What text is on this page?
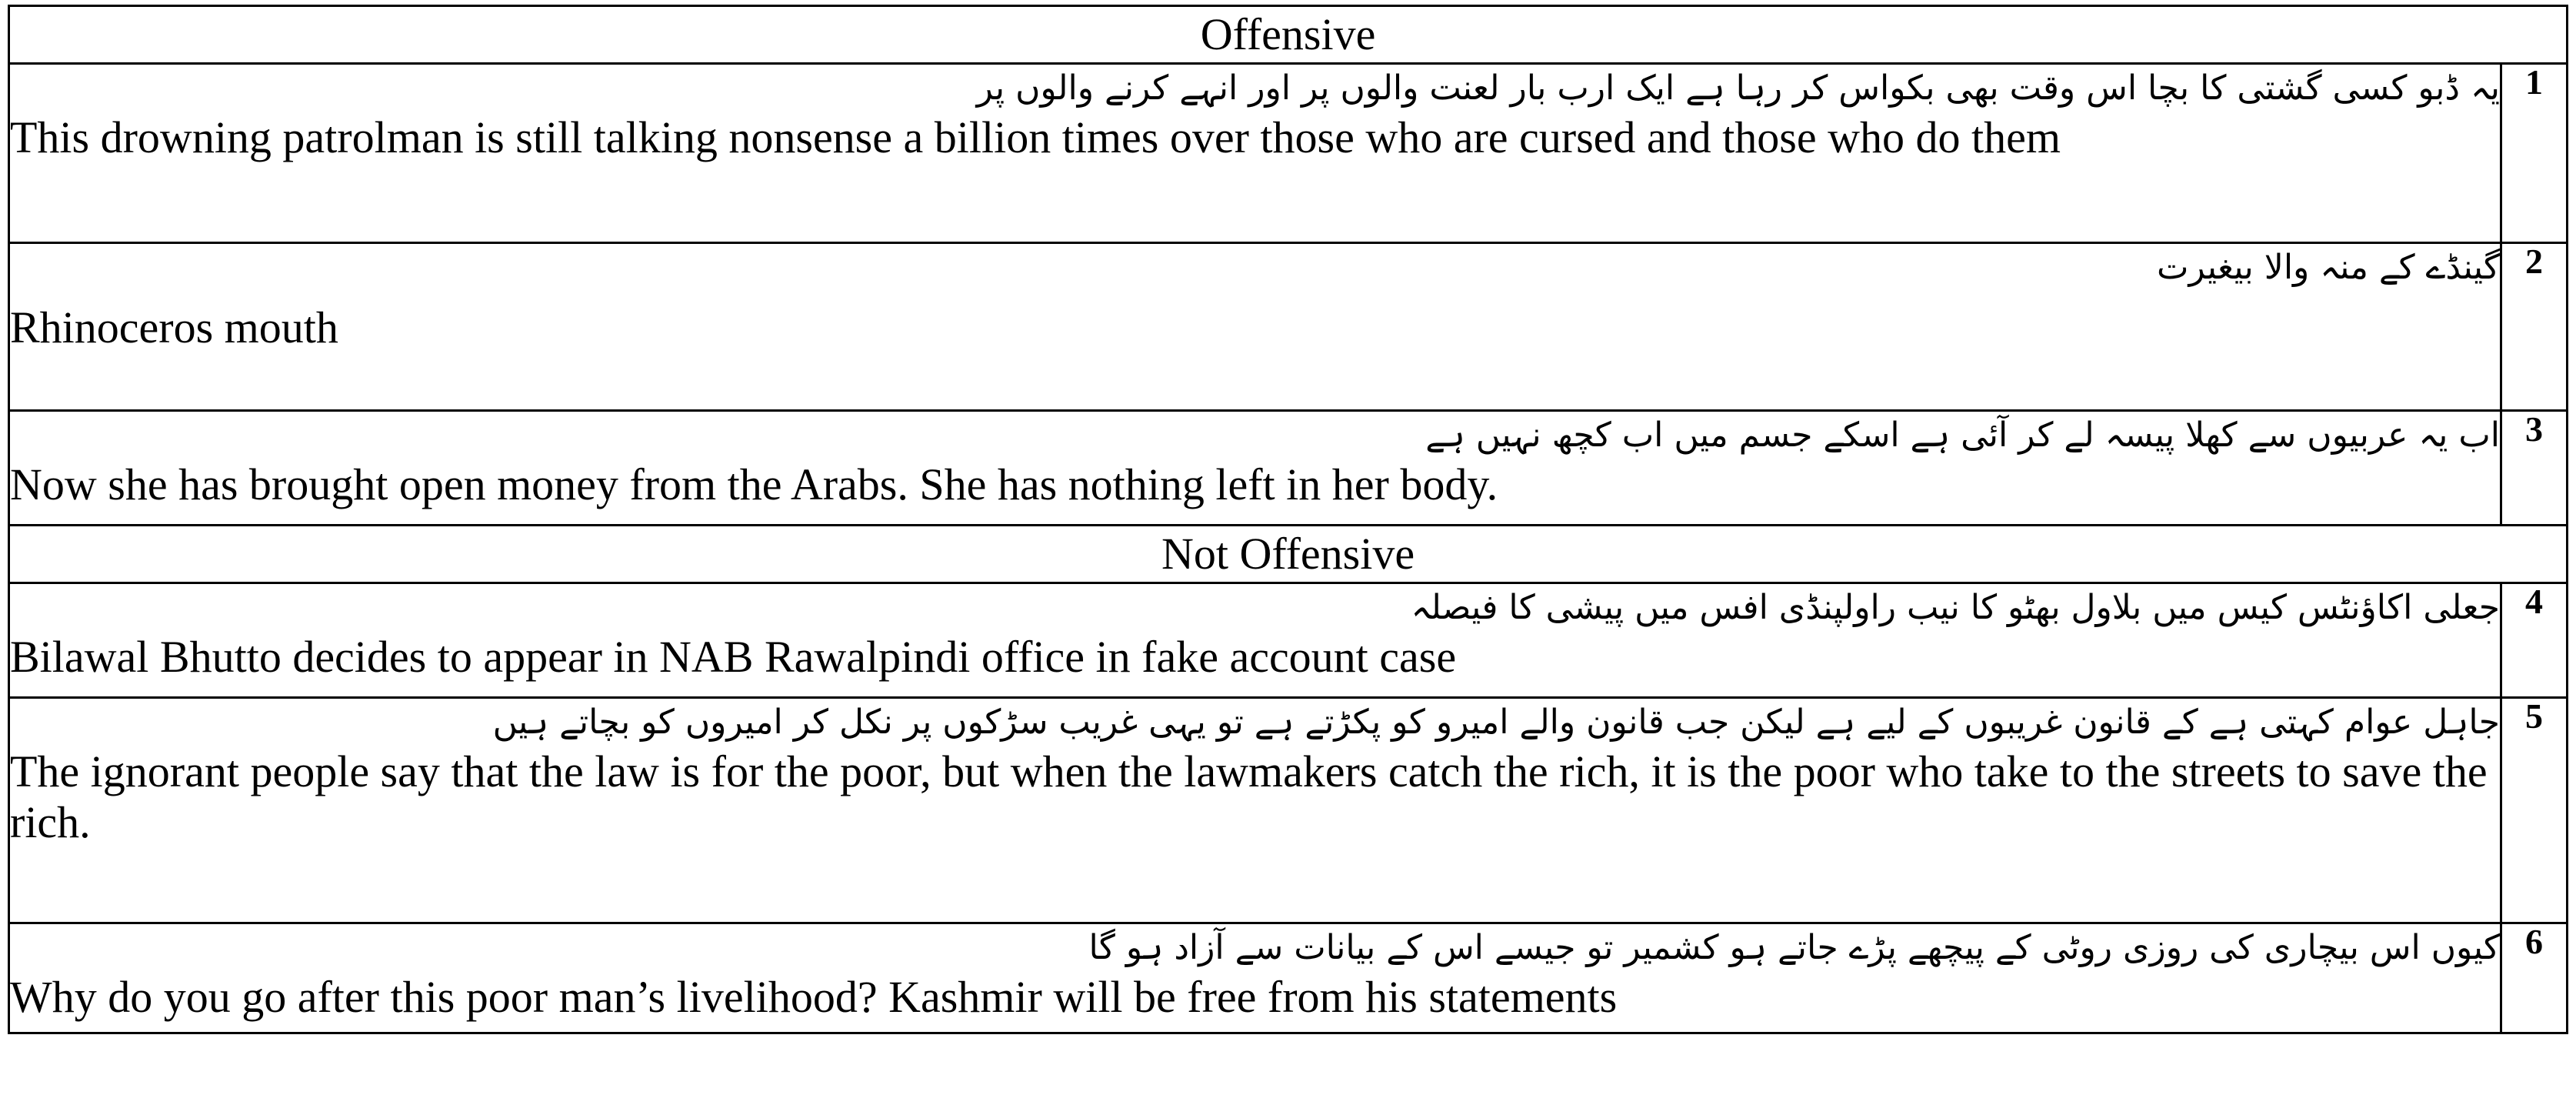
Offensive	

یہ ڈبو کسی گشتی کا بچا اس وقت بھی بکواس کر رہا ہے ایک ارب بار لعنت والوں پر اور انہے کرنے والوں پر
This drowning patrolman is still talking nonsense a billion times over those who are cursed and those who do them	1

گینڈے کے منہ والا بیغیرت
Rhinoceros mouth	2

اب یہ عربیوں سے کھلا پیسہ لے کر آئی ہے اسکے جسم میں اب کچھ نہیں ہے
Now she has brought open money from the Arabs. She has nothing left in her body.	3
Not Offensive	

جعلی اکاؤنٹس کیس میں بلاول بھٹو کا نیب راولپنڈی افس میں پیشی کا فیصلہ
Bilawal Bhutto decides to appear in NAB Rawalpindi office in fake account case	4

جاہل عوام کہتی ہے کے قانون غریبوں کے لیے ہے لیکن جب قانون والے امیرو کو پکڑتے ہے تو یہی غریب سڑکوں پر نکل کر امیروں کو بچاتے ہیں
The ignorant people say that the law is for the poor, but when the lawmakers catch the rich, it is the poor who take to the streets to save the rich.	5

کیوں اس بیچاری کی روزی روٹی کے پیچھے پڑے جاتے ہو کشمیر تو جیسے اس کے بیانات سے آزاد ہو گا
Why do you go after this poor man’s livelihood? Kashmir will be free from his statements	6
